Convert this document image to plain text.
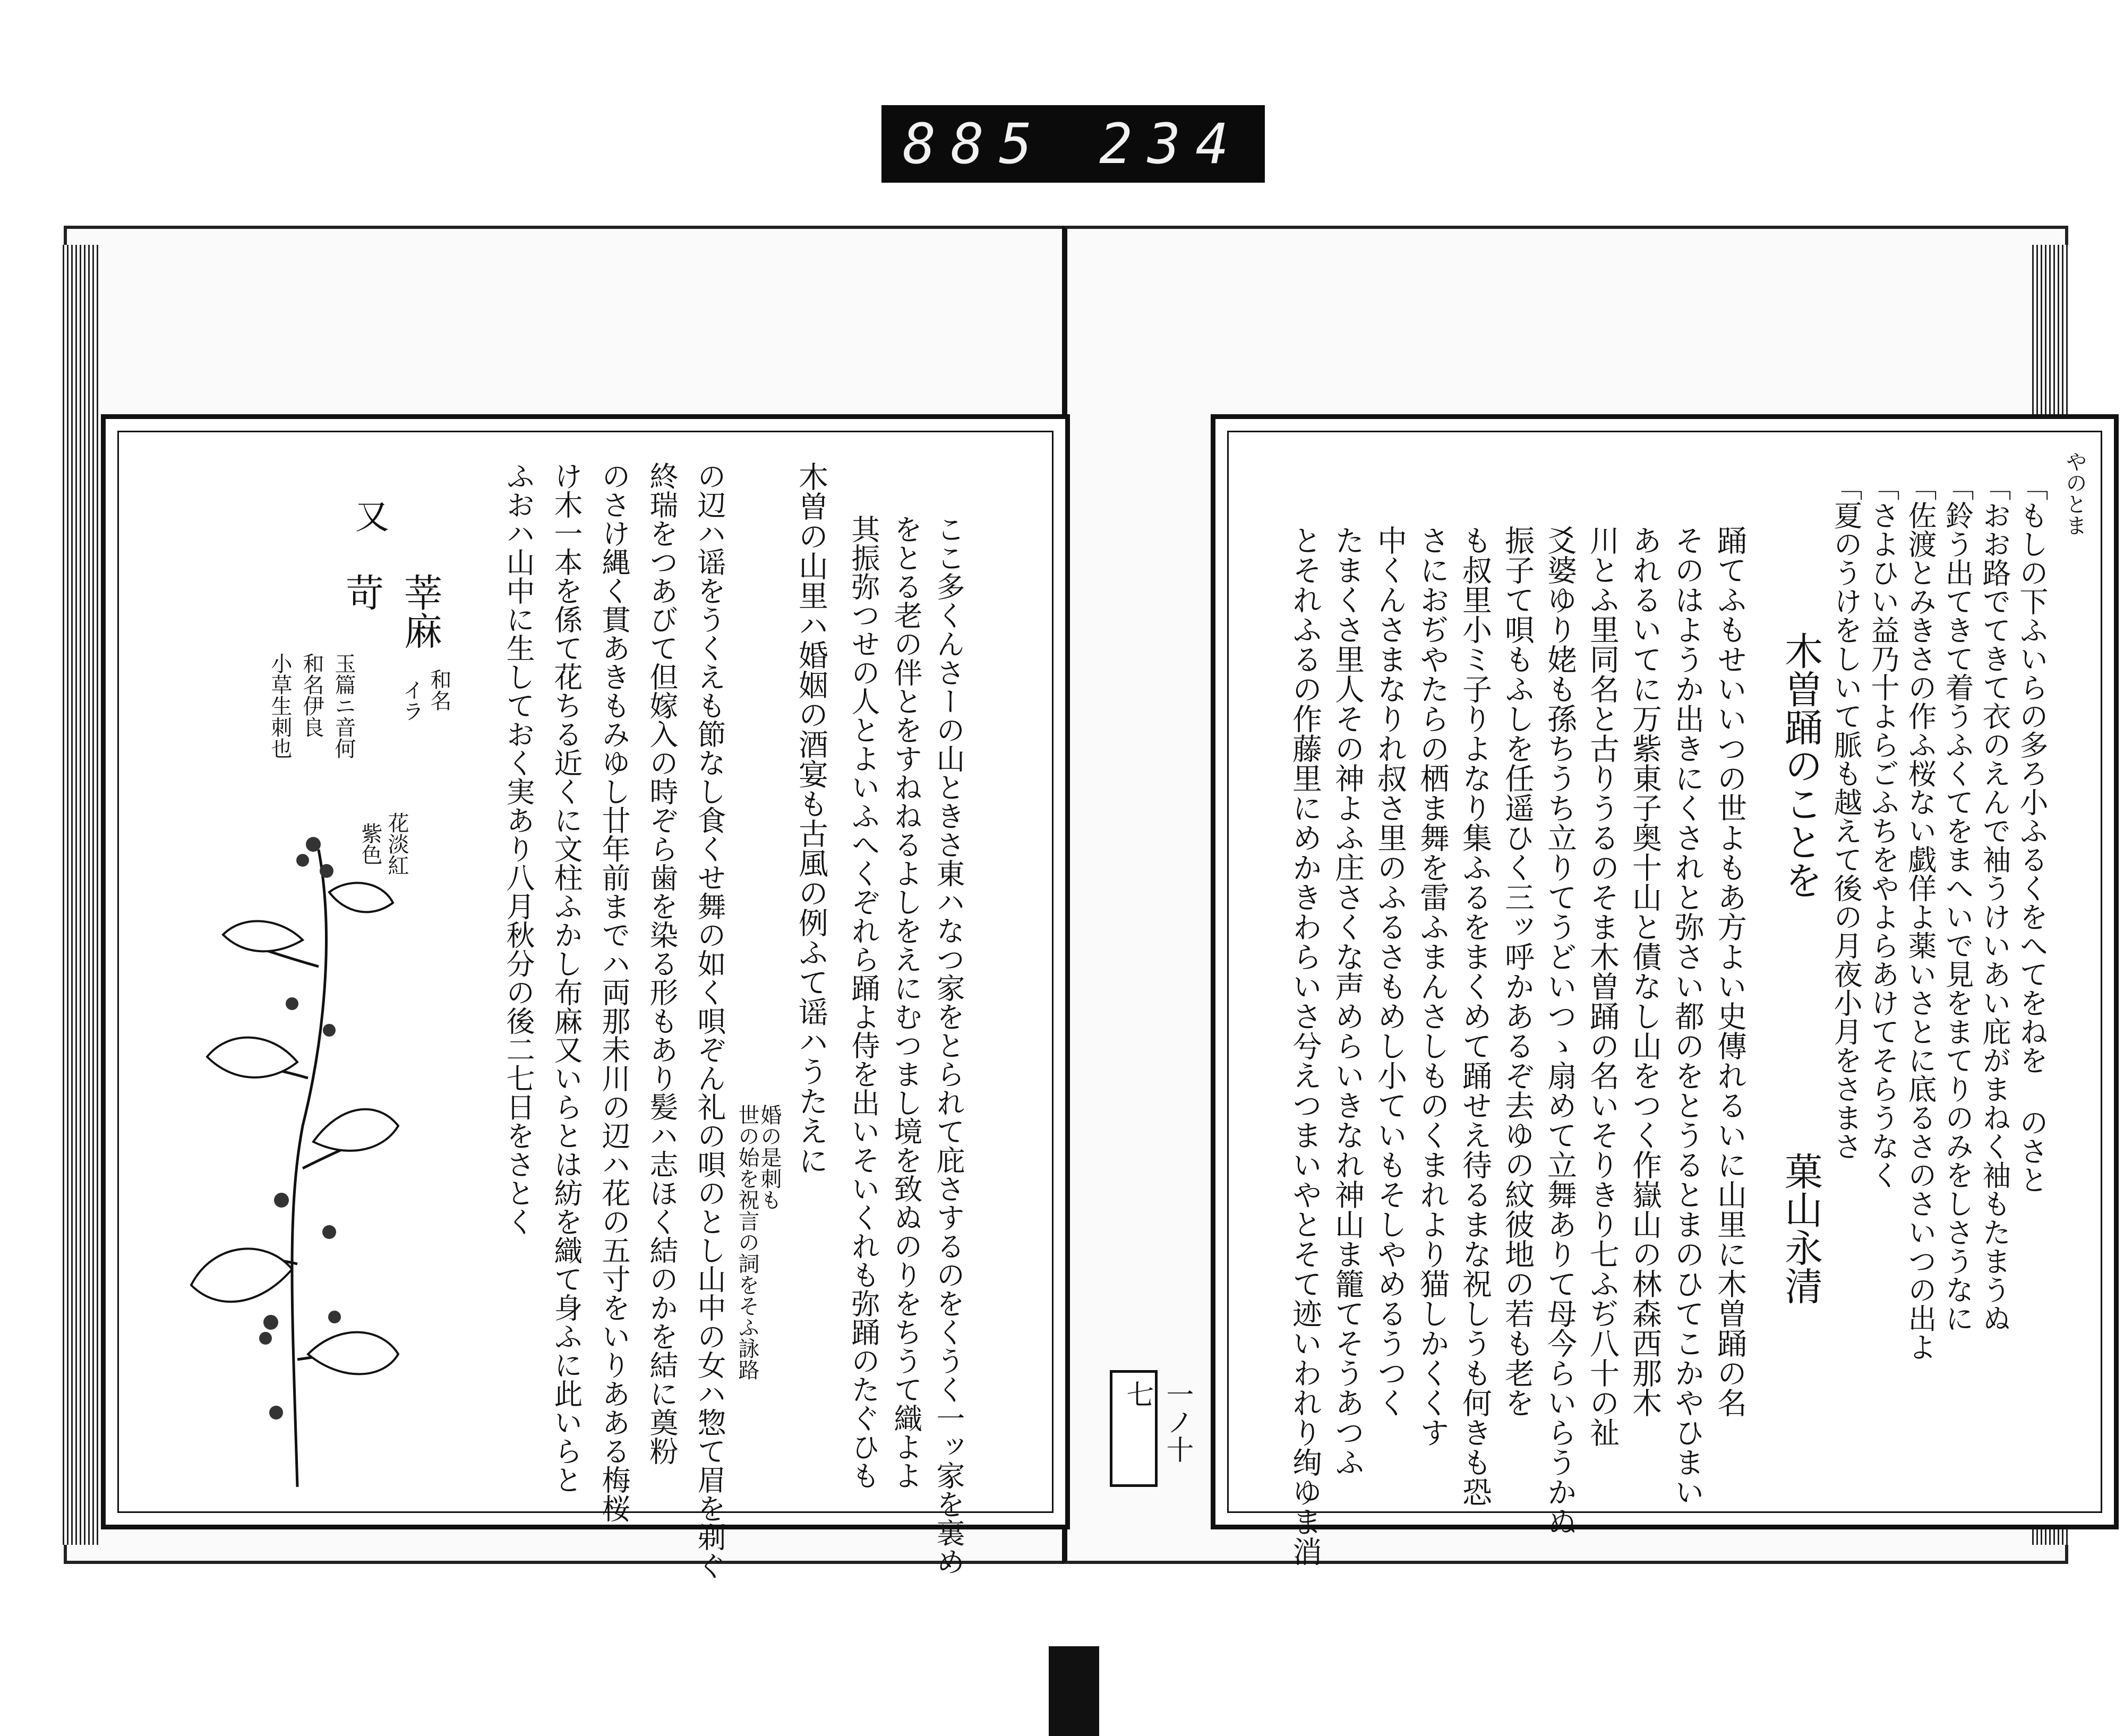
885 234
やのとま
「もしの下ふいらの多ろ小ふるくをへてをねを のさと
「おお路でてきて衣のえんで袖うけいあい庇がまねく袖もたまうぬ
「鈴う出てきて着うふくてをまへいで見をまてりのみをしさうなに
「佐渡とみきさの作ふ桜ない戯佯よ薬いさとに底るさのさいつの出よ
「さよひい益乃十よらごふちをやよらあけてそらうなく
「夏のうけをしいて脈も越えて後の月夜小月をさまさ
木曽踊のことを
菓山永清
踊てふもせいいつの世よもあ方よい史傳れるいに山里に木曽踊の名
そのはようか出きにくされと弥さい都のをとうるとまのひてこかやひまい
あれるいてに万紫東子奥十山と債なし山をつく作嶽山の林森西那木
川とふ里同名と古りうるのそま木曽踊の名いそりきり七ふぢ八十の祉
爻婆ゆり姥も孫ちうち立りてうどいつゝ扇めて立舞ありて母今らいらうかぬ
振子て唄もふしを任遥ひく三ッ呼かあるぞ去ゆの紋彼地の若も老を
も叔里小ミ子りよなり集ふるをまくめて踊せえ待るまな祝しうも何きも恐
さにおぢやたらの栖ま舞を雷ふまんさしものくまれより猫しかくくす
中くんさまなりれ叔さ里のふるさもめし小ていもそしやめるうつく
たまくさ里人その神よふ庄さくな声めらいきなれ神山ま籠てそうあつふ
とそれふるの作藤里にめかきわらいさ兮えつまいやとそて迹いわれり绚ゆま消
ここ多くんさーの山ときさ東ハなつ家をとられて庇さするのをくうく一ッ家を裏め
をとる老の伴とをすねねるよしをえにむつまし境を致ぬのりをちうて織よよ
其振弥つせの人とよいふへくぞれら踊よ侍を出いそいくれも弥踊のたぐひも
木曽の山里ハ婚姻の酒宴も古風の例ふて谣ハうたえに
婚の是刺も
世の始を祝言の詞をそふ詠路
の辺ハ谣をうくえも節なし食くせ舞の如く唄ぞん礼の唄のとし山中の女ハ惣て眉を剃ぐ
終瑞をつあびて但嫁入の時ぞら歯を染る形もあり髪ハ志ほく結のかを結に奠粉
のさけ縄く貫あきもみゆし廿年前までハ両那未川の辺ハ花の五寸をいりあある梅桜
け木一本を係て花ちる近くに文柱ふかし布麻又いらとは紡を織て身ふに此いらと
ふおハ山中に生しておく実あり八月秋分の後二七日をさとく
又
莘麻
苛
和名
イラ
玉篇ニ音何
和名伊良
小草生刺也
花淡紅
紫色
一ノ十七
